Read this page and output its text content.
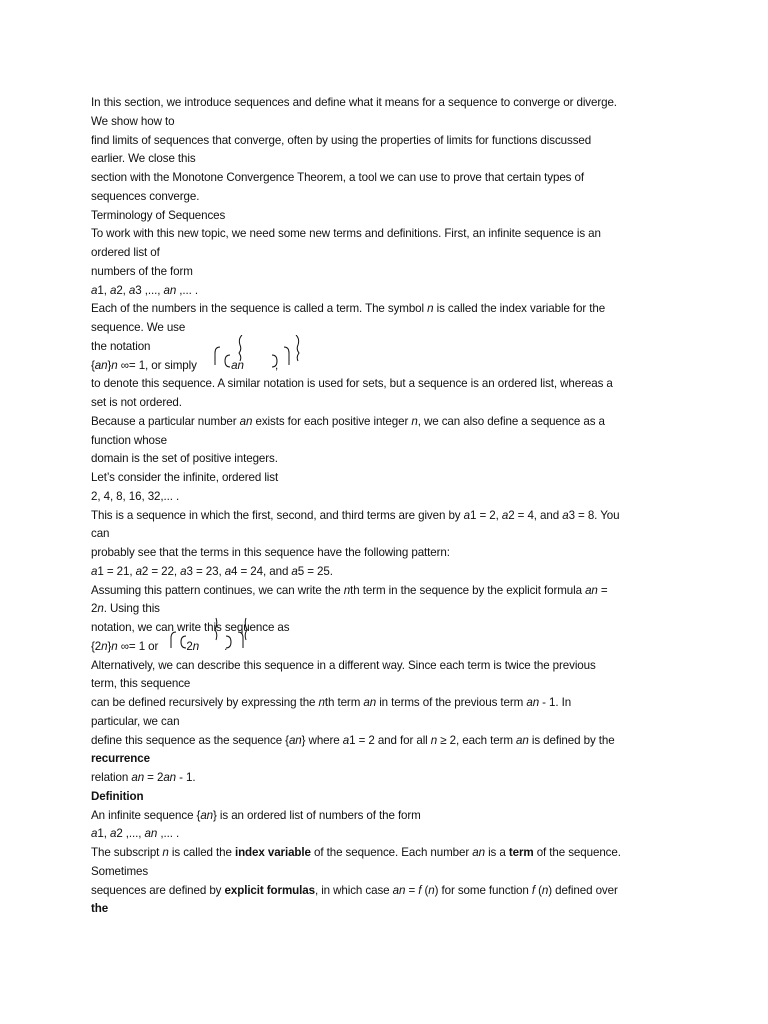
In this section, we introduce sequences and define what it means for a sequence to converge or diverge.
We show how to
find limits of sequences that converge, often by using the properties of limits for functions discussed
earlier. We close this
section with the Monotone Convergence Theorem, a tool we can use to prove that certain types of
sequences converge.
Terminology of Sequences
To work with this new topic, we need some new terms and definitions. First, an infinite sequence is an
ordered list of
numbers of the form
a1, a2, a3 ,..., an ,... .
Each of the numbers in the sequence is called a term. The symbol n is called the index variable for the
sequence. We use
the notation
{an}n ∞= 1, or simply	an          ,
to denote this sequence. A similar notation is used for sets, but a sequence is an ordered list, whereas a
set is not ordered.
Because a particular number an exists for each positive integer n, we can also define a sequence as a
function whose
domain is the set of positive integers.
Let’s consider the infinite, ordered list
2, 4, 8, 16, 32,... .
This is a sequence in which the first, second, and third terms are given by a1 = 2, a2 = 4, and a3 = 8. You
can
probably see that the terms in this sequence have the following pattern:
a1 = 21, a2 = 22, a3 = 23, a4 = 24, and a5 = 25.
Assuming this pattern continues, we can write the nth term in the sequence by the explicit formula an =
2n. Using this
notation, we can write this sequence as
{2n}n ∞= 1 or         2n        .
Alternatively, we can describe this sequence in a different way. Since each term is twice the previous
term, this sequence
can be defined recursively by expressing the nth term an in terms of the previous term an - 1. In
particular, we can
define this sequence as the sequence {an} where a1 = 2 and for all n ≥ 2, each term an is defined by the
recurrence
relation an = 2an - 1.
Definition
An infinite sequence {an} is an ordered list of numbers of the form
a1, a2 ,..., an ,... .
The subscript n is called the index variable of the sequence. Each number an is a term of the sequence.
Sometimes
sequences are defined by explicit formulas, in which case an = f (n) for some function f (n) defined over
the
